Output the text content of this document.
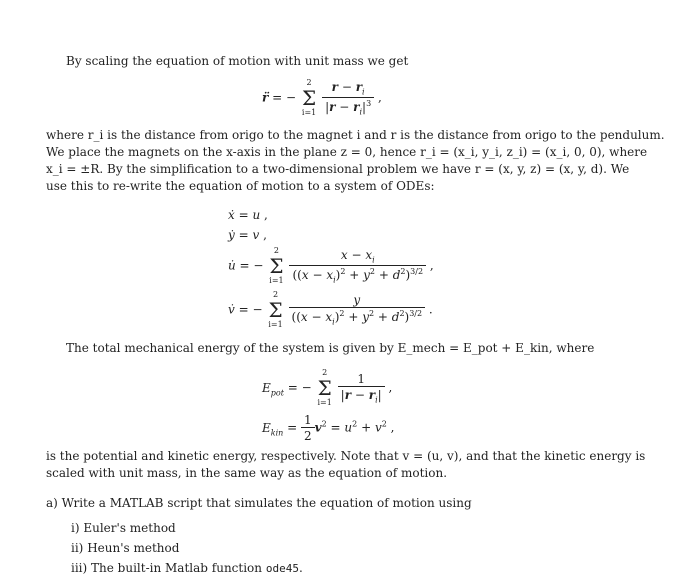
By scaling the equation of motion with unit mass we get

r̈ = −
2
Σ
i=1
$\frac{r - r_i}{|r - r_i|^3}$ ,

where r_i is the distance from origo to the magnet i and r is the distance from origo to the pendulum.

We place the magnets on the x-axis in the plane z = 0, hence r_i = (x_i, y_i, z_i) = (x_i, 0, 0), where

x_i = ±R. By the simplification to a two-dimensional problem we have r = (x, y, z) = (x, y, d). We

use this to re-write the equation of motion to a system of ODEs:

ẋ = u ,
ẏ = v ,
u̇ = −
2
Σ
i=1
$\frac{x - x_i}{((x - x_i)^2 + y^2 + d^2)^{3/2}}$ ,
v̇ = −
2
Σ
i=1
$\frac{y}{((x - x_i)^2 + y^2 + d^2)^{3/2}}$ .

The total mechanical energy of the system is given by E_mech = E_pot + E_kin, where

$E_{pot}$ = −
2
Σ
i=1
$\frac{1}{|r - r_i|}$ ,
$E_{kin} = \frac{1}{2} v^2 = u^2 + v^2$ ,

is the potential and kinetic energy, respectively. Note that v = (u, v), and that the kinetic energy is

scaled with unit mass, in the same way as the equation of motion.

a) Write a MATLAB script that simulates the equation of motion using

i) Euler's method

ii) Heun's method

iii) The built-in Matlab function ode45.
